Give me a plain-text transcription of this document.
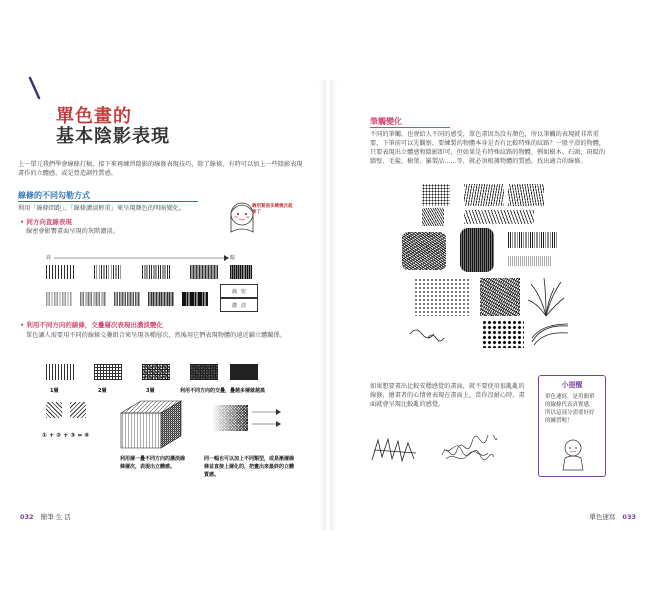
單色畫的
基本陰影表現
上一單元我們學會線條打稿，接下來再練習陰影的線條表現技巧，除了線條，有時可以加上一些陰影表現畫作的立體感，或是營造調性質感。
線條的不同勾勒方式
利用「線條間距」、「線條濃淡輕重」來呈現顏色的明暗變化。
• 同方向直線表現
線密會影響畫面呈現的灰階濃淡。
嗨別緊張多練幾次就會了
亮	暗
疏 密
濃 淡
• 利用不同方向的線條，交疊層次表現出濃淡變化
單色讓人需要用不同的線條交疊組合來呈現各種層次，然後用它們表現物體的遠近鋪立體關係。
1層	2層	3層	利用不同方向的交疊，疊越多層就越黑
① + ② + ③ = ⑥
利用層一疊不同方向的濃淡線條層次，表現出立體感。
同一幅也可以加上不同類型，或是漸層線條並直接上層化的，把畫出來最終的立體質感。
032 簡筆 生 活
筆觸變化
不同的筆觸，也會給人不同的感受，單色畫因為沒有顏色，所以筆觸的表現就非常重要，下筆前可以先觀察，要練製的物體本身是否有比較特殊的紋路？一般平滑的物體，只要表現出立體感和陰影即可，但如果是有特殊紋路的物體，例如樹木、石頭、斑駁的牆壁、毛髮、樹葉、羅製品……等，就必須根據物體的質感，找出適合的線條。
如果想要畫出比較安穩感覺的畫面，就不要使用很亂亂的線條，繪畫者的心情會表現在畫面上，當你沒耐心時，畫面就會呈現比較亂的感覺。
小提醒
單色速寫，是用簡單的線條代表真實感，所以這部分需要好好的練習喔！
單色速寫 033
